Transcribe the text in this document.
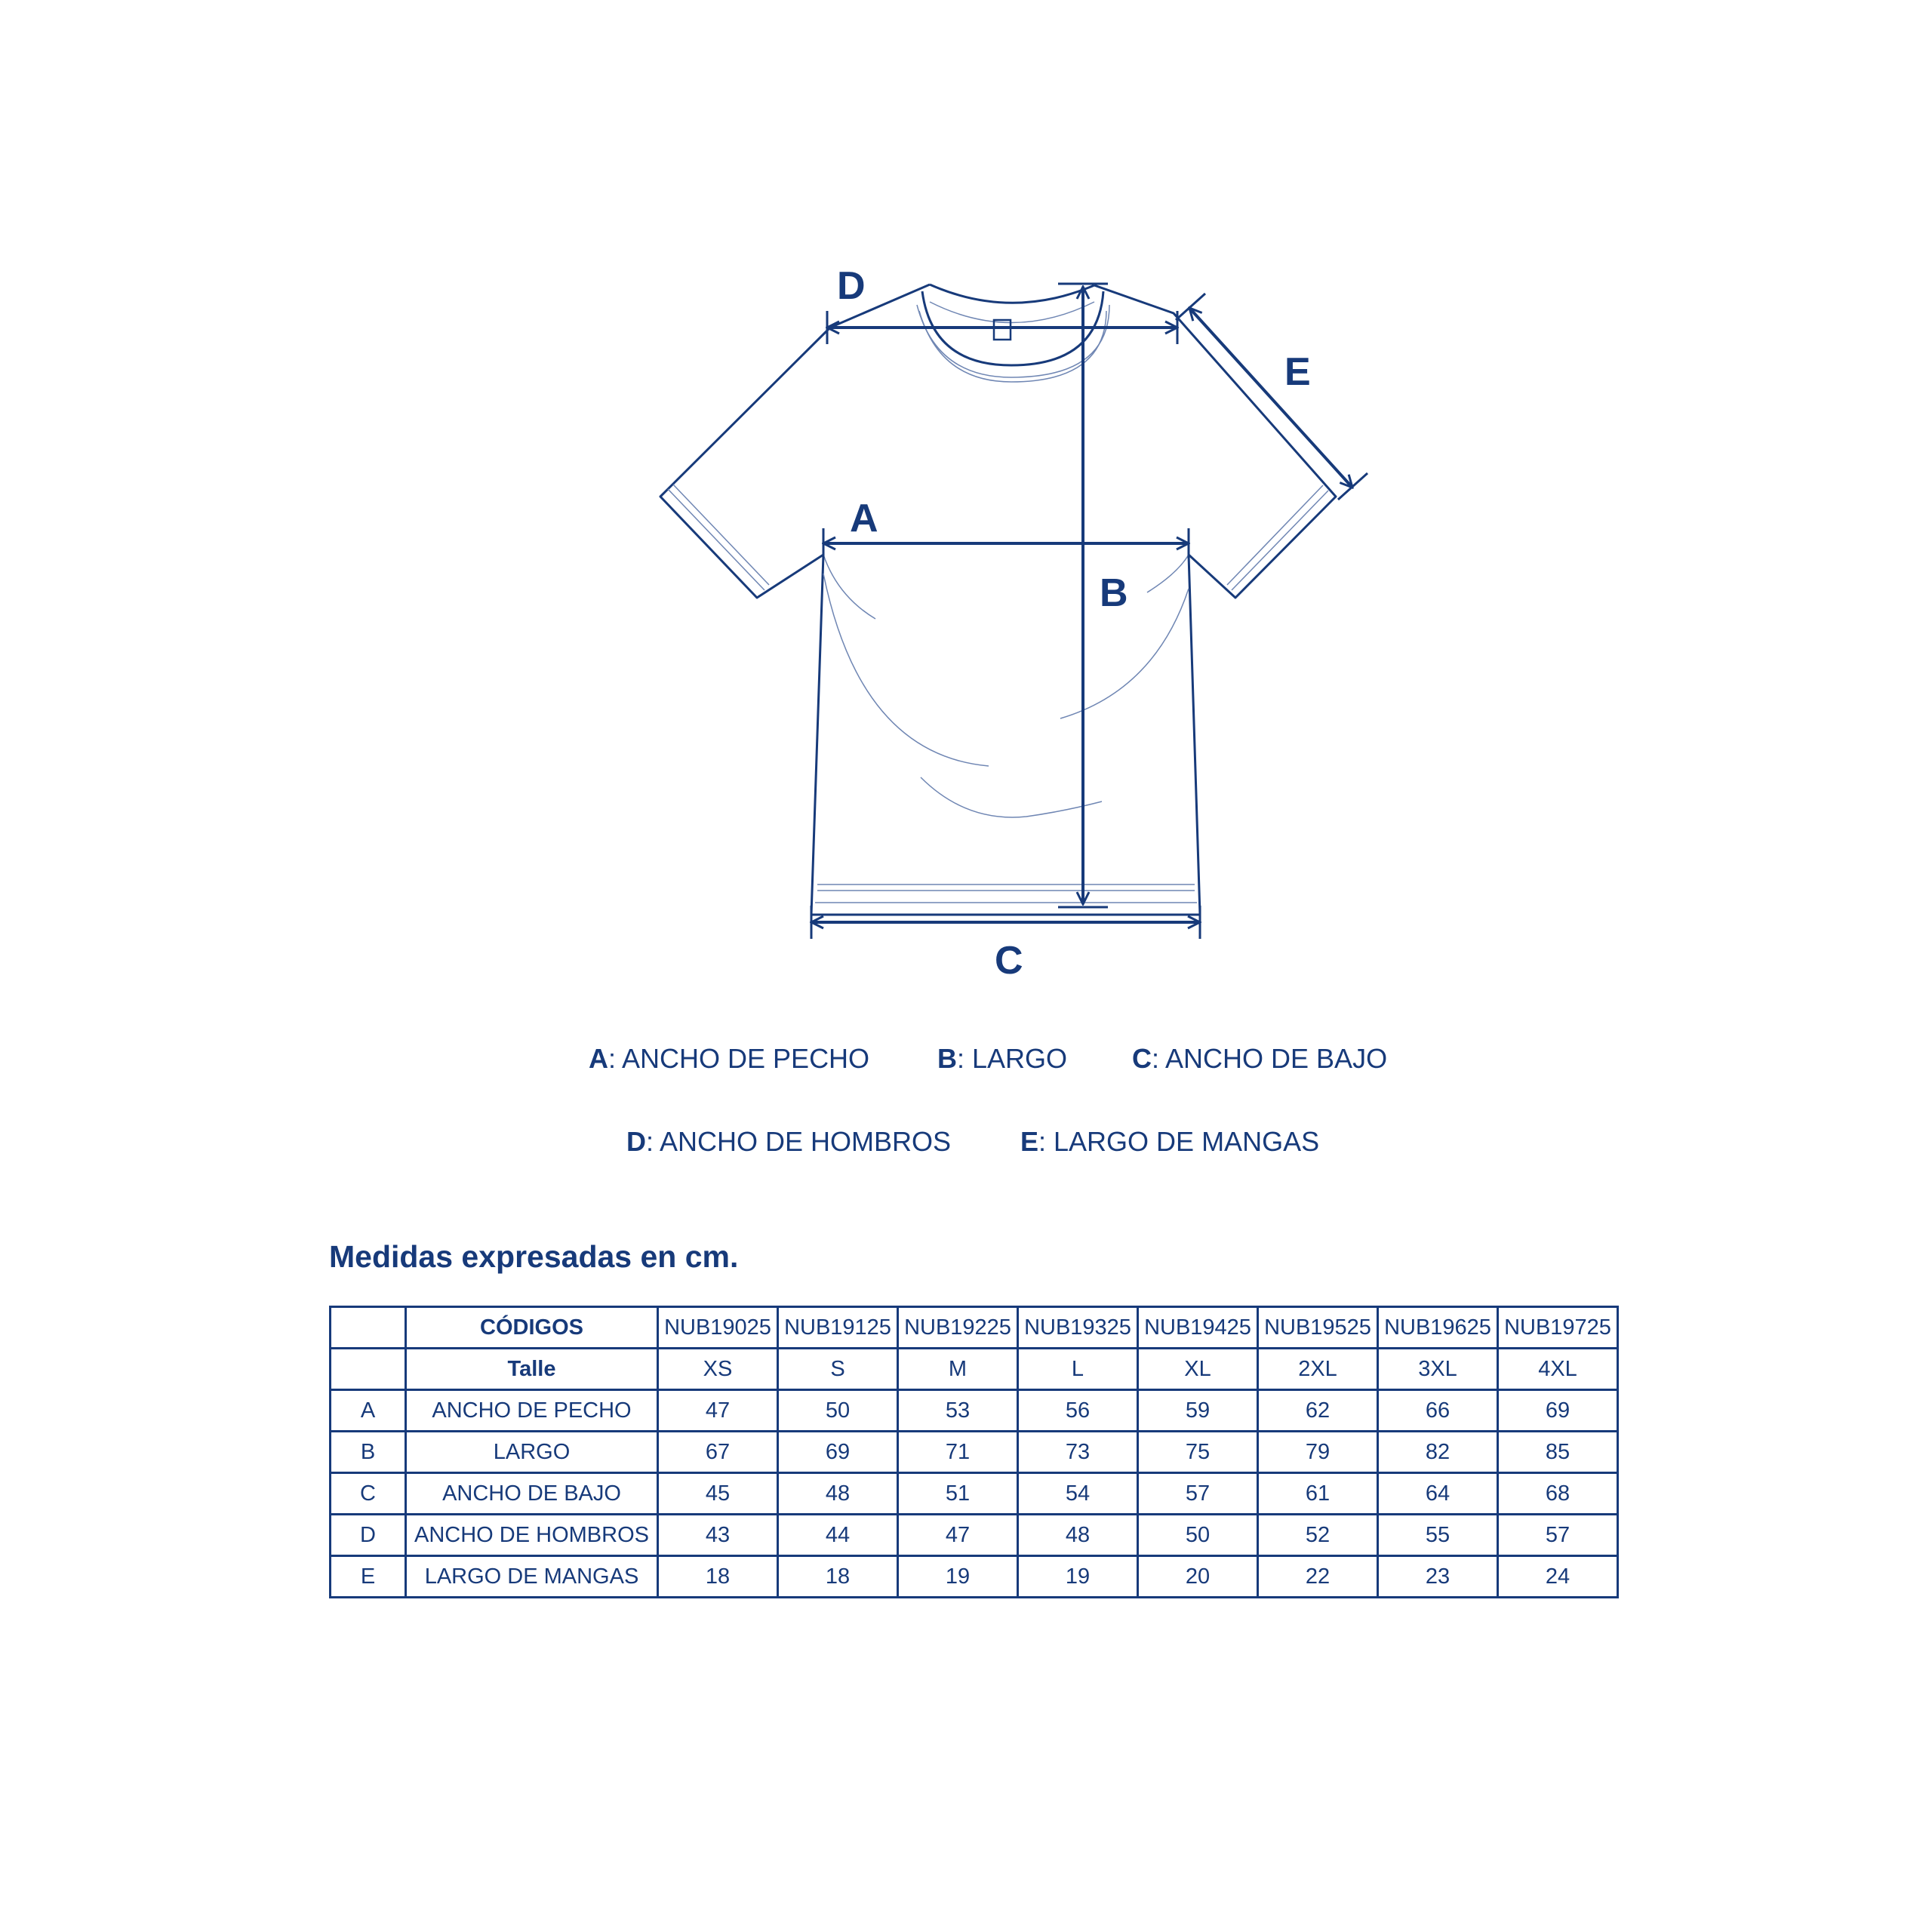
D
E
A
B
C
A: ANCHO DE PECHO B: LARGO C: ANCHO DE BAJO
D: ANCHO DE HOMBROS	E: LARGO DE MANGAS
Medidas expresadas en cm.
	CÓDIGOS	NUB19025	NUB19125	NUB19225	NUB19325	NUB19425	NUB19525	NUB19625	NUB19725
	Talle	XS	S	M	L	XL	2XL	3XL	4XL
A	ANCHO DE PECHO	47	50	53	56	59	62	66	69
B	LARGO	67	69	71	73	75	79	82	85
C	ANCHO DE BAJO	45	48	51	54	57	61	64	68
D	ANCHO DE HOMBROS	43	44	47	48	50	52	55	57
E	LARGO DE MANGAS	18	18	19	19	20	22	23	24
